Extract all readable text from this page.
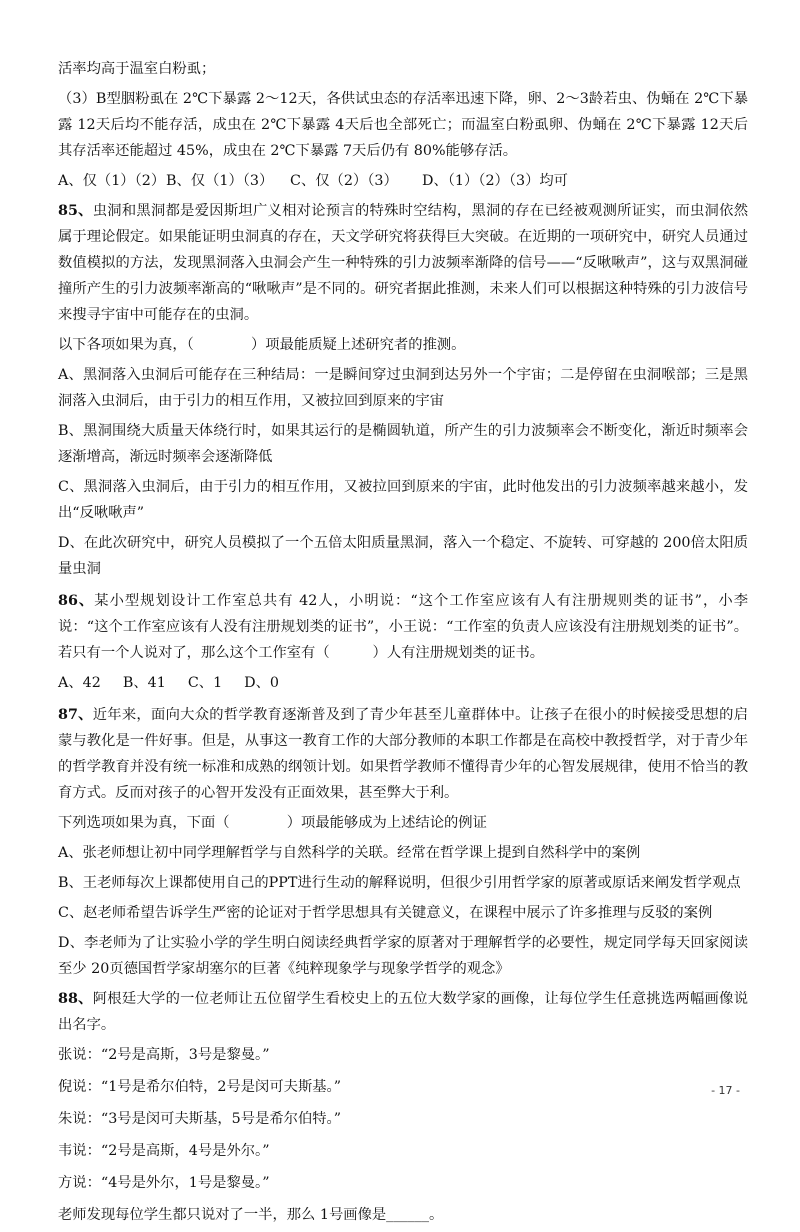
活率均高于温室白粉虱；

（3）B型胭粉虱在 2℃下暴露 2～12天，各供试虫态的存活率迅速下降，卵、2～3龄若虫、伪蛹在 2℃下暴露 12天后均不能存活，成虫在 2℃下暴露 4天后也全部死亡；而温室白粉虱卵、伪蛹在 2℃下暴露 12天后其存活率还能超过 45%，成虫在 2℃下暴露 7天后仍有 80%能够存活。

A、仅（1）（2）B、仅（1）（3） C、仅（2）（3） D、（1）（2）（3）均可

85、虫洞和黑洞都是爱因斯坦广义相对论预言的特殊时空结构，黑洞的存在已经被观测所证实，而虫洞依然属于理论假定。如果能证明虫洞真的存在，天文学研究将获得巨大突破。在近期的一项研究中，研究人员通过数值模拟的方法，发现黑洞落入虫洞会产生一种特殊的引力波频率渐降的信号——“反啾啾声”，这与双黑洞碰撞所产生的引力波频率渐高的“啾啾声”是不同的。研究者据此推测，未来人们可以根据这种特殊的引力波信号来搜寻宇宙中可能存在的虫洞。

以下各项如果为真，（　　　　）项最能质疑上述研究者的推测。

A、黑洞落入虫洞后可能存在三种结局：一是瞬间穿过虫洞到达另外一个宇宙；二是停留在虫洞喉部；三是黑洞落入虫洞后，由于引力的相互作用，又被拉回到原来的宇宙

B、黑洞围绕大质量天体绕行时，如果其运行的是椭圆轨道，所产生的引力波频率会不断变化，渐近时频率会逐渐增高，渐远时频率会逐渐降低

C、黑洞落入虫洞后，由于引力的相互作用，又被拉回到原来的宇宙，此时他发出的引力波频率越来越小，发出“反啾啾声”

D、在此次研究中，研究人员模拟了一个五倍太阳质量黑洞，落入一个稳定、不旋转、可穿越的 200倍太阳质量虫洞

86、某小型规划设计工作室总共有 42人，小明说：“这个工作室应该有人有注册规则类的证书”，小李说：“这个工作室应该有人没有注册规划类的证书”，小王说：“工作室的负责人应该没有注册规划类的证书”。若只有一个人说对了，那么这个工作室有（　　　）人有注册规划类的证书。

A、42 B、41 C、1 D、0

87、近年来，面向大众的哲学教育逐渐普及到了青少年甚至儿童群体中。让孩子在很小的时候接受思想的启蒙与教化是一件好事。但是，从事这一教育工作的大部分教师的本职工作都是在高校中教授哲学，对于青少年的哲学教育并没有统一标准和成熟的纲领计划。如果哲学教师不懂得青少年的心智发展规律，使用不恰当的教育方式。反而对孩子的心智开发没有正面效果，甚至弊大于利。

下列选项如果为真，下面（　　　　）项最能够成为上述结论的例证

A、张老师想让初中同学理解哲学与自然科学的关联。经常在哲学课上提到自然科学中的案例

B、王老师每次上课都使用自己的PPT进行生动的解释说明，但很少引用哲学家的原著或原话来阐发哲学观点

C、赵老师希望告诉学生严密的论证对于哲学思想具有关键意义，在课程中展示了许多推理与反驳的案例

D、李老师为了让实验小学的学生明白阅读经典哲学家的原著对于理解哲学的必要性，规定同学每天回家阅读至少 20页德国哲学家胡塞尔的巨著《纯粹现象学与现象学哲学的观念》

88、阿根廷大学的一位老师让五位留学生看校史上的五位大数学家的画像，让每位学生任意挑选两幅画像说出名字。

张说：“2号是高斯，3号是黎曼。”

倪说：“1号是希尔伯特，2号是闵可夫斯基。”

朱说：“3号是闵可夫斯基，5号是希尔伯特。”

韦说：“2号是高斯，4号是外尔。”

方说：“4号是外尔，1号是黎曼。”

老师发现每位学生都只说对了一半，那么 1号画像是______。

- 17 -
